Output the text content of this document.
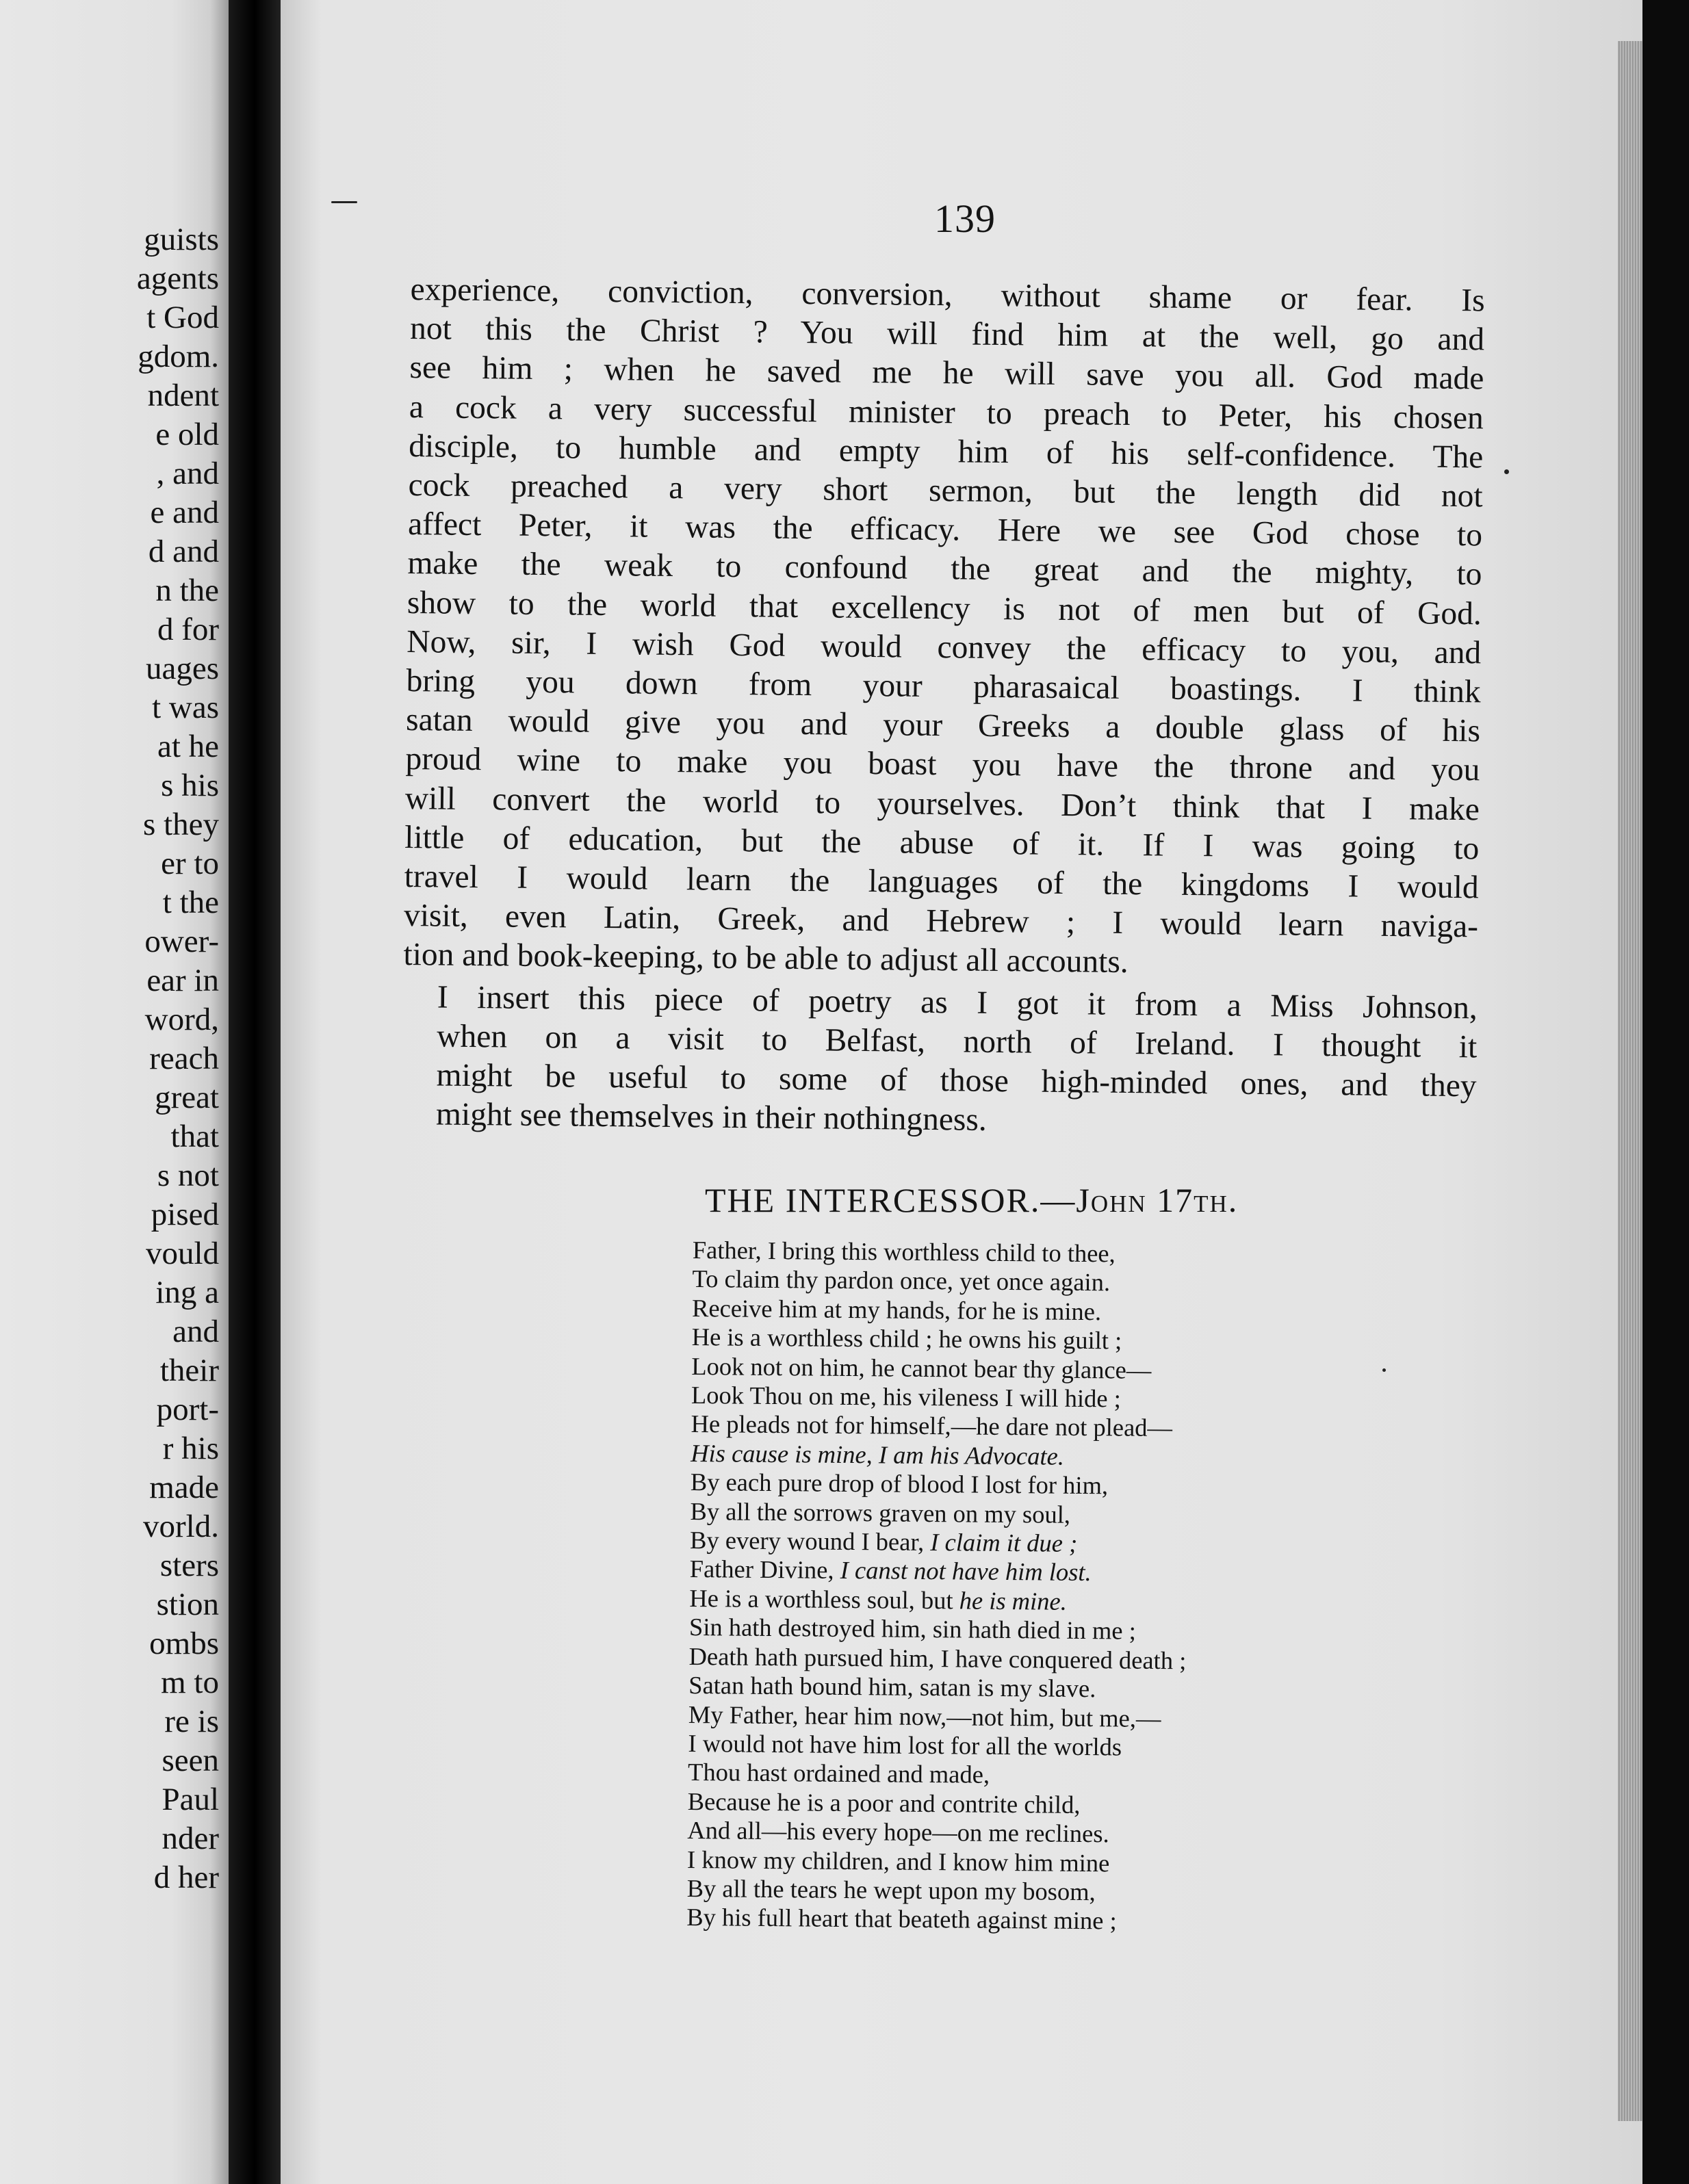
guists
agents
t God
gdom.
ndent
e old
, and
e and
d and
n the
d for
uages
t was
at he
s his
s they
er to
t the
ower-
ear in
word,
reach
great
that
s not
pised
vould
ing a
and
their
port-
r his
made
vorld.
sters
stion
ombs
m to
re is
seen
Paul
nder
d her
139

experience, conviction, conversion, without shame or fear. Is
not this the Christ ? You will find him at the well, go and
see him ; when he saved me he will save you all. God made
a cock a very successful minister to preach to Peter, his chosen
disciple, to humble and empty him of his self-confidence. The
cock preached a very short sermon, but the length did not
affect Peter, it was the efficacy. Here we see God chose to
make the weak to confound the great and the mighty, to
show to the world that excellency is not of men but of God.
Now, sir, I wish God would convey the efficacy to you, and
bring you down from your pharasaical boastings. I think
satan would give you and your Greeks a double glass of his
proud wine to make you boast you have the throne and you
will convert the world to yourselves. Don’t think that I make
little of education, but the abuse of it. If I was going to
travel I would learn the languages of the kingdoms I would
visit, even Latin, Greek, and Hebrew ; I would learn naviga-
tion and book-keeping, to be able to adjust all accounts.

I insert this piece of poetry as I got it from a Miss Johnson,
when on a visit to Belfast, north of Ireland. I thought it
might be useful to some of those high-minded ones, and they
might see themselves in their nothingness.

THE INTERCESSOR.—John 17th.
Father, I bring this worthless child to thee,
To claim thy pardon once, yet once again.
Receive him at my hands, for he is mine.
He is a worthless child ; he owns his guilt ;
Look not on him, he cannot bear thy glance—
Look Thou on me, his vileness I will hide ;
He pleads not for himself,—he dare not plead—
His cause is mine, I am his Advocate.
By each pure drop of blood I lost for him,
By all the sorrows graven on my soul,
By every wound I bear, I claim it due ;
Father Divine, I canst not have him lost.
He is a worthless soul, but he is mine.
Sin hath destroyed him, sin hath died in me ;
Death hath pursued him, I have conquered death ;
Satan hath bound him, satan is my slave.
My Father, hear him now,—not him, but me,—
I would not have him lost for all the worlds
Thou hast ordained and made,
Because he is a poor and contrite child,
And all—his every hope—on me reclines.
I know my children, and I know him mine
By all the tears he wept upon my bosom,
By his full heart that beateth against mine ;
